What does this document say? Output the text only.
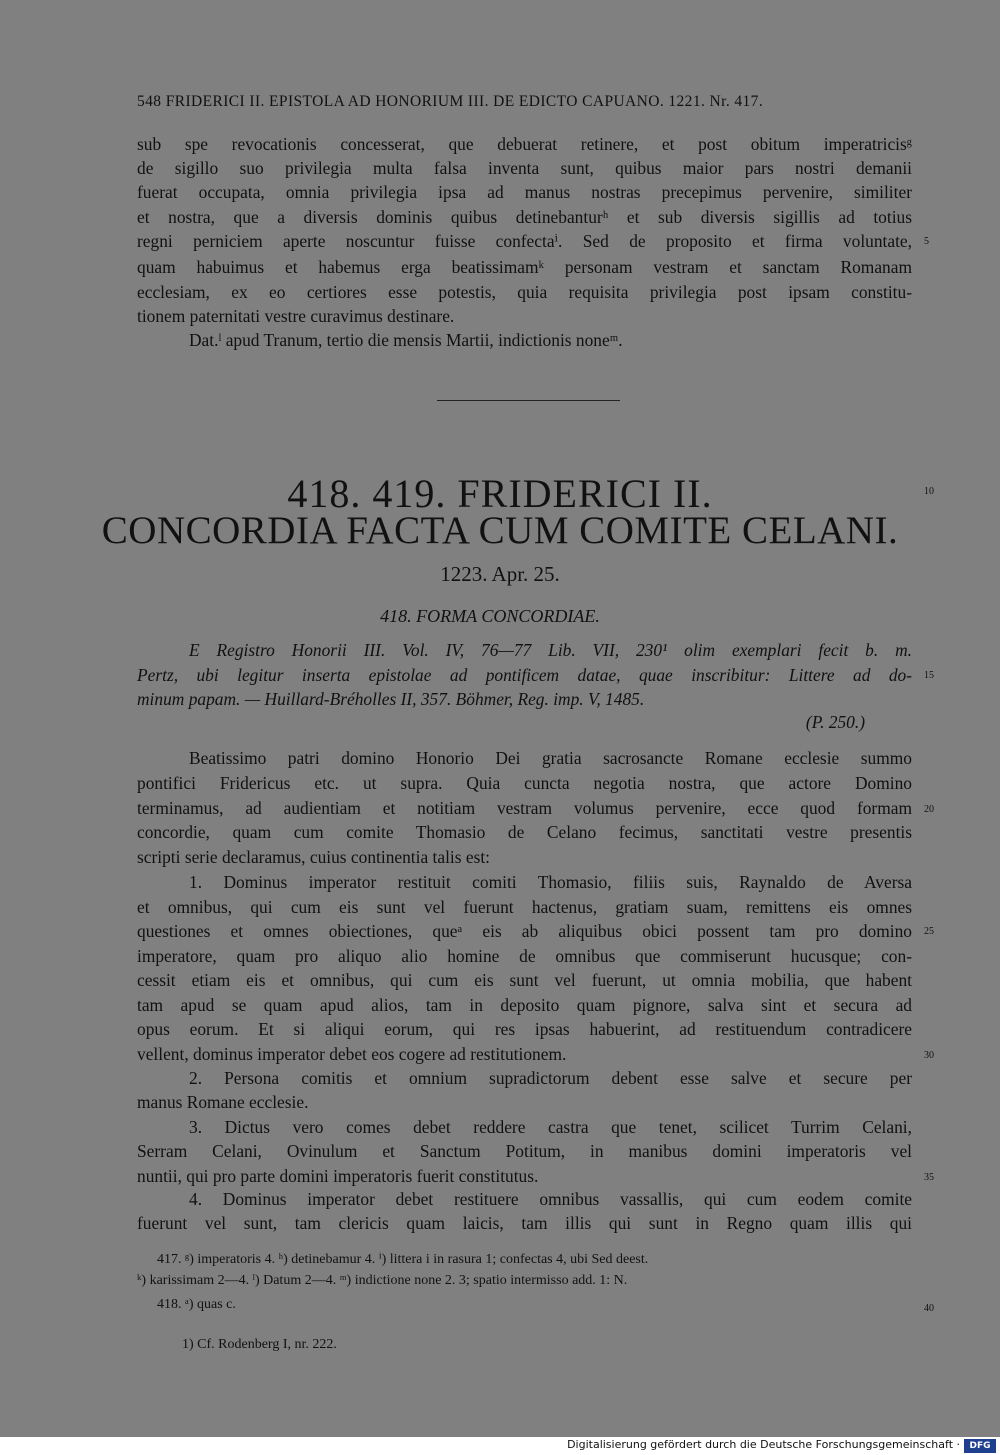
548 FRIDERICI II. EPISTOLA AD HONORIUM III. DE EDICTO CAPUANO. 1221. Nr. 417.
sub spe revocationis concesserat, que debuerat retinere, et post obitum imperatricisᵍ
de sigillo suo privilegia multa falsa inventa sunt, quibus maior pars nostri demanii
fuerat occupata, omnia privilegia ipsa ad manus nostras precepimus pervenire, similiter
et nostra, que a diversis dominis quibus detinebanturʰ et sub diversis sigillis ad totius
regni perniciem aperte noscuntur fuisse confectaⁱ. Sed de proposito et firma voluntate,
quam habuimus et habemus erga beatissimamᵏ personam vestram et sanctam Romanam
ecclesiam, ex eo certiores esse potestis, quia requisita privilegia post ipsam constitu-
tionem paternitati vestre curavimus destinare.
Dat.ˡ apud Tranum, tertio die mensis Martii, indictionis noneᵐ.
418. 419. FRIDERICI II.
CONCORDIA FACTA CUM COMITE CELANI.
1223. Apr. 25.
418. FORMA CONCORDIAE.
E Registro Honorii III. Vol. IV, 76—77 Lib. VII, 230¹ olim exemplari fecit b. m.
Pertz, ubi legitur inserta epistolae ad pontificem datae, quae inscribitur: Littere ad do-
minum papam. — Huillard-Bréholles II, 357. Böhmer, Reg. imp. V, 1485.
(P. 250.)
Beatissimo patri domino Honorio Dei gratia sacrosancte Romane ecclesie summo
pontifici Fridericus etc. ut supra. Quia cuncta negotia nostra, que actore Domino
terminamus, ad audientiam et notitiam vestram volumus pervenire, ecce quod formam
concordie, quam cum comite Thomasio de Celano fecimus, sanctitati vestre presentis
scripti serie declaramus, cuius continentia talis est:
1. Dominus imperator restituit comiti Thomasio, filiis suis, Raynaldo de Aversa
et omnibus, qui cum eis sunt vel fuerunt hactenus, gratiam suam, remittens eis omnes
questiones et omnes obiectiones, queᵃ eis ab aliquibus obici possent tam pro domino
imperatore, quam pro aliquo alio homine de omnibus que commiserunt hucusque; con-
cessit etiam eis et omnibus, qui cum eis sunt vel fuerunt, ut omnia mobilia, que habent
tam apud se quam apud alios, tam in deposito quam pignore, salva sint et secura ad
opus eorum. Et si aliqui eorum, qui res ipsas habuerint, ad restituendum contradicere
vellent, dominus imperator debet eos cogere ad restitutionem.
2. Persona comitis et omnium supradictorum debent esse salve et secure per
manus Romane ecclesie.
3. Dictus vero comes debet reddere castra que tenet, scilicet Turrim Celani,
Serram Celani, Ovinulum et Sanctum Potitum, in manibus domini imperatoris vel
nuntii, qui pro parte domini imperatoris fuerit constitutus.
4. Dominus imperator debet restituere omnibus vassallis, qui cum eodem comite
fuerunt vel sunt, tam clericis quam laicis, tam illis qui sunt in Regno quam illis qui
5
10
15
20
25
30
35
40
417. ᵍ) imperatoris 4. ʰ) detinebamur 4. ⁱ) littera i in rasura 1; confectas 4, ubi Sed deest.
ᵏ) karissimam 2—4. ˡ) Datum 2—4. ᵐ) indictione none 2. 3; spatio intermisso add. 1: N.
418. ᵃ) quas c.
1) Cf. Rodenberg I, nr. 222.
Digitalisierung gefördert durch die Deutsche Forschungsgemeinschaft ·	DFG
